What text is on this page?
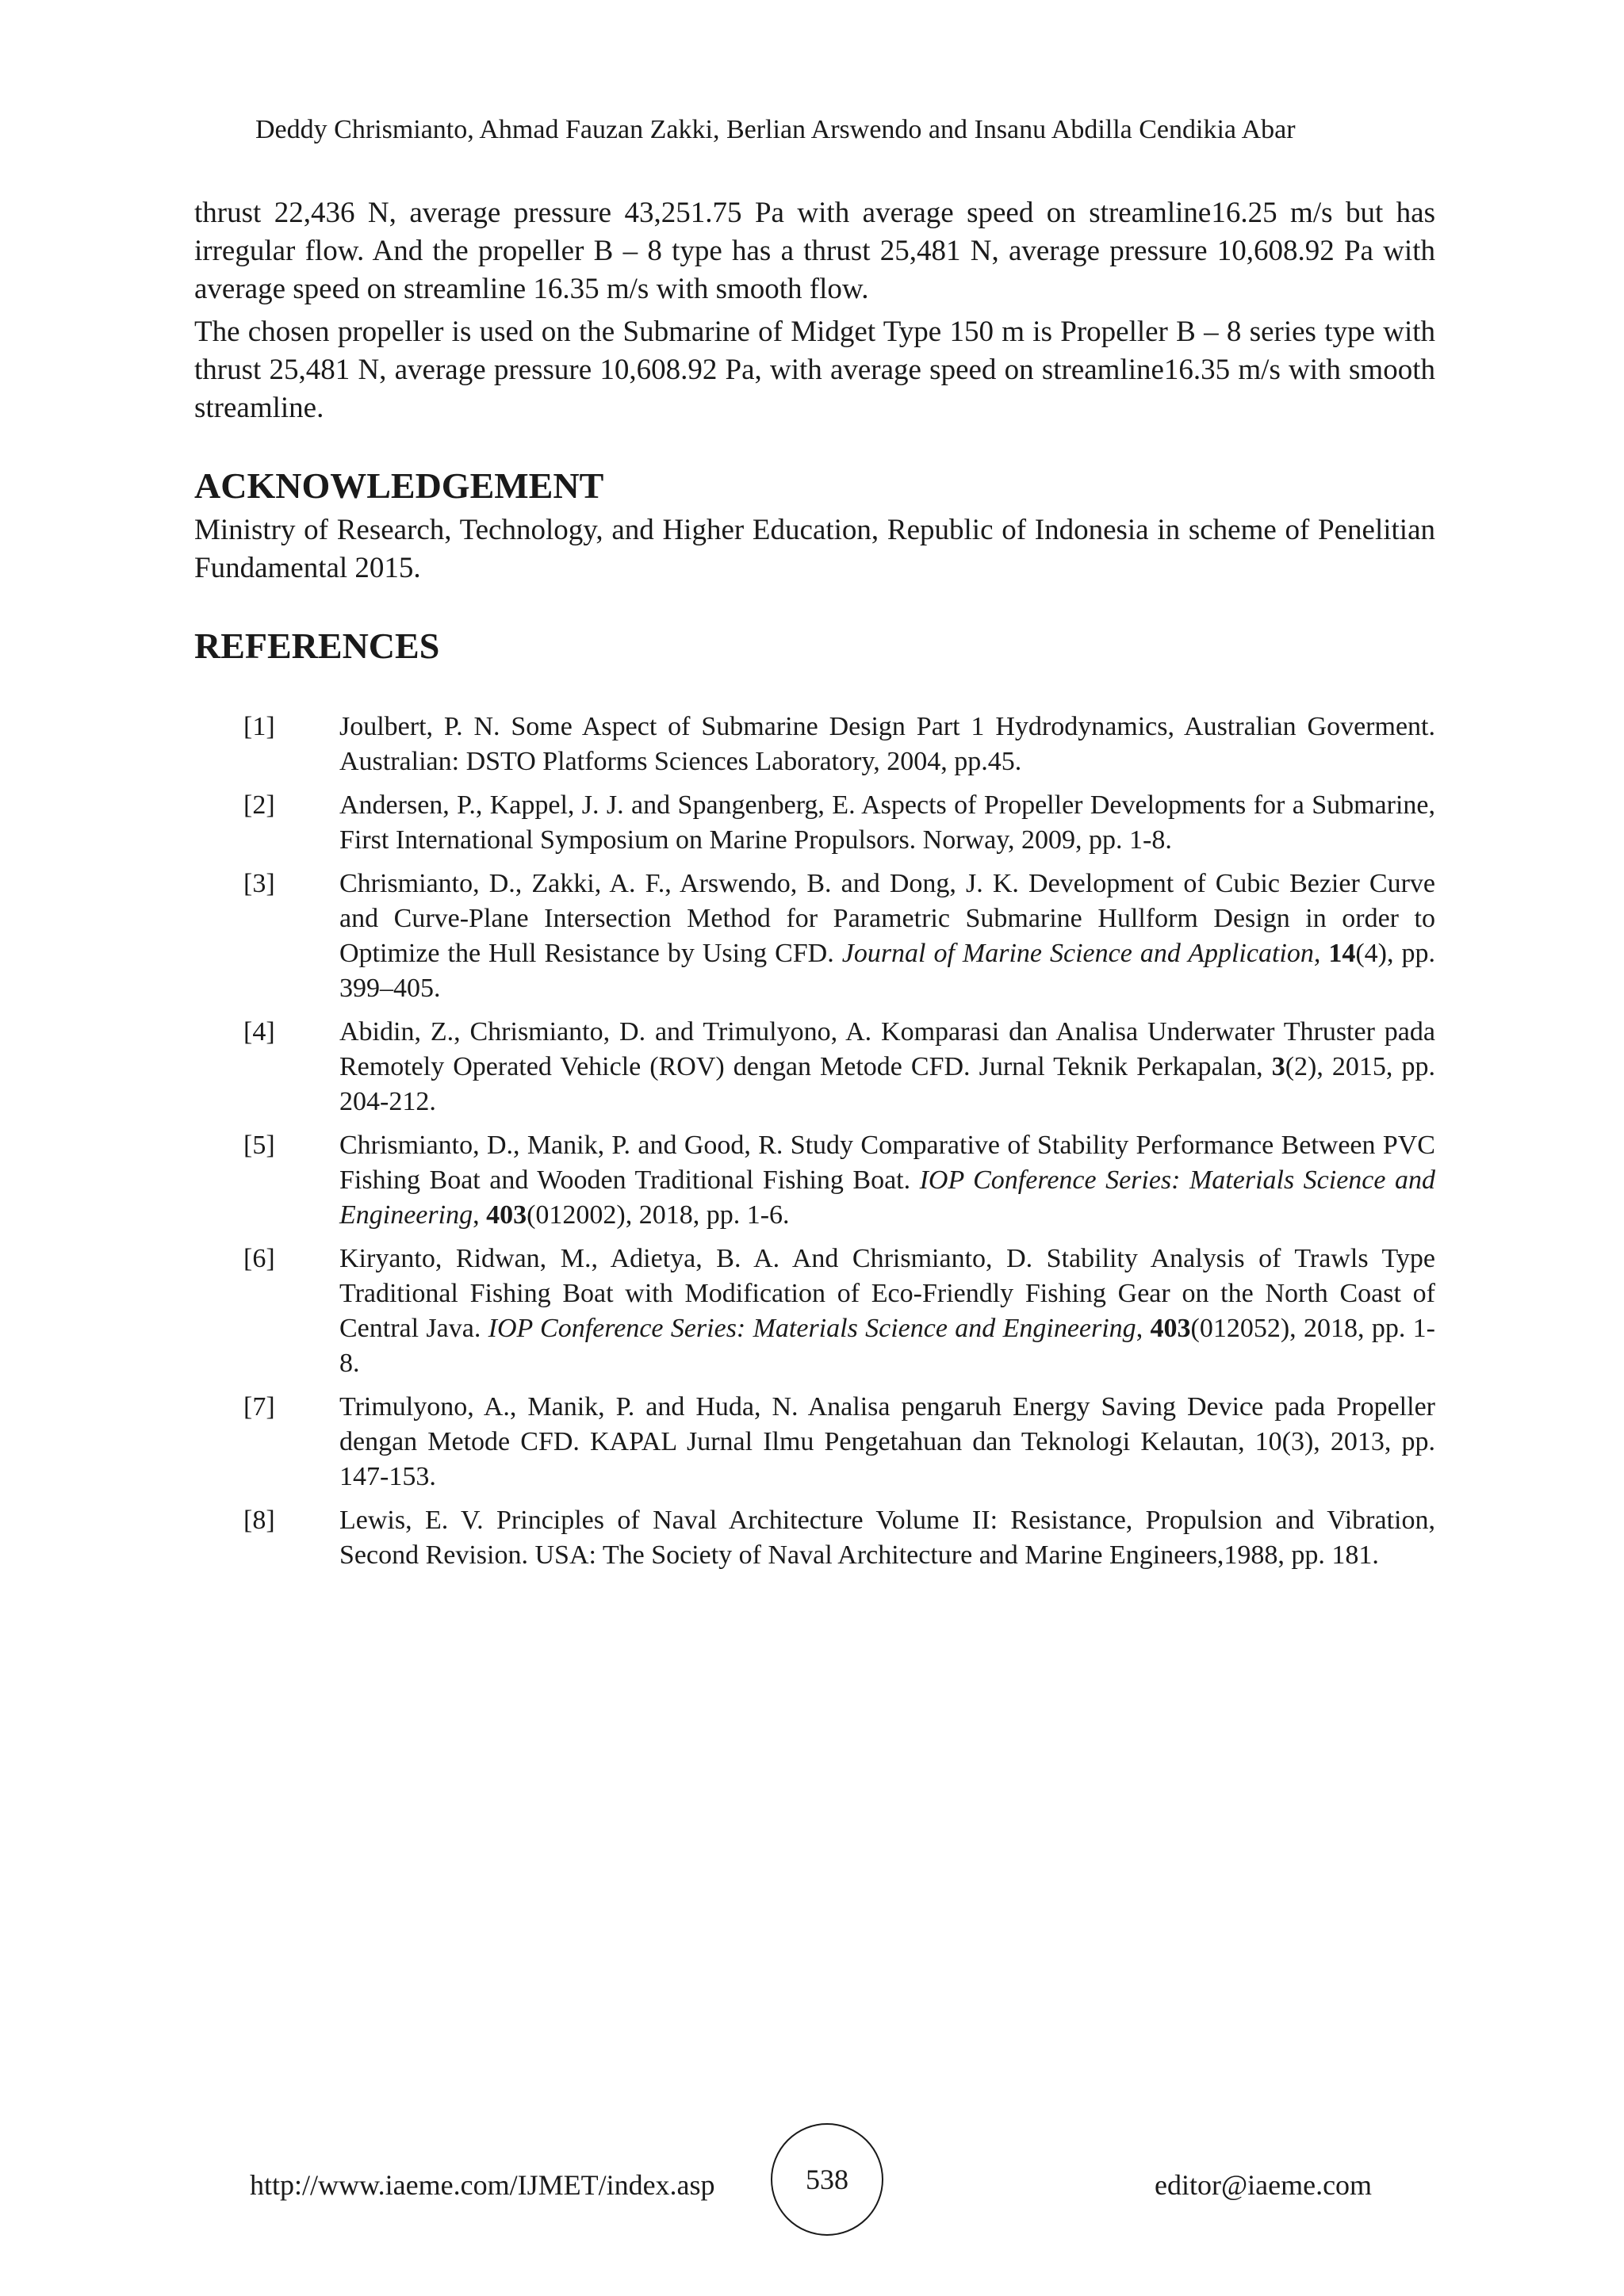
Deddy Chrismianto, Ahmad Fauzan Zakki, Berlian Arswendo and Insanu Abdilla Cendikia Abar

thrust 22,436 N, average pressure 43,251.75 Pa with average speed on streamline16.25 m/s but has irregular flow. And the propeller B – 8 type has a thrust 25,481 N, average pressure 10,608.92 Pa with average speed on streamline 16.35 m/s with smooth flow.

The chosen propeller is used on the Submarine of Midget Type 150 m is Propeller B – 8 series type with thrust 25,481 N, average pressure 10,608.92 Pa, with average speed on streamline16.35 m/s with smooth streamline.

ACKNOWLEDGEMENT

Ministry of Research, Technology, and Higher Education, Republic of Indonesia in scheme of Penelitian Fundamental 2015.

REFERENCES
[1]	Joulbert, P. N. Some Aspect of Submarine Design Part 1 Hydrodynamics, Australian Goverment. Australian: DSTO Platforms Sciences Laboratory, 2004, pp.45.
[2]	Andersen, P., Kappel, J. J. and Spangenberg, E. Aspects of Propeller Developments for a Submarine, First International Symposium on Marine Propulsors. Norway, 2009, pp. 1-8.
[3]	Chrismianto, D., Zakki, A. F., Arswendo, B. and Dong, J. K. Development of Cubic Bezier Curve and Curve-Plane Intersection Method for Parametric Submarine Hullform Design in order to Optimize the Hull Resistance by Using CFD. Journal of Marine Science and Application, 14(4), pp. 399–405.
[4]	Abidin, Z., Chrismianto, D. and Trimulyono, A. Komparasi dan Analisa Underwater Thruster pada Remotely Operated Vehicle (ROV) dengan Metode CFD. Jurnal Teknik Perkapalan, 3(2), 2015, pp. 204-212.
[5]	Chrismianto, D., Manik, P. and Good, R. Study Comparative of Stability Performance Between PVC Fishing Boat and Wooden Traditional Fishing Boat. IOP Conference Series: Materials Science and Engineering, 403(012002), 2018, pp. 1-6.
[6]	Kiryanto, Ridwan, M., Adietya, B. A. And Chrismianto, D. Stability Analysis of Trawls Type Traditional Fishing Boat with Modification of Eco-Friendly Fishing Gear on the North Coast of Central Java. IOP Conference Series: Materials Science and Engineering, 403(012052), 2018, pp. 1-8.
[7]	Trimulyono, A., Manik, P. and Huda, N. Analisa pengaruh Energy Saving Device pada Propeller dengan Metode CFD. KAPAL Jurnal Ilmu Pengetahuan dan Teknologi Kelautan, 10(3), 2013, pp. 147-153.
[8]	Lewis, E. V. Principles of Naval Architecture Volume II: Resistance, Propulsion and Vibration, Second Revision. USA: The Society of Naval Architecture and Marine Engineers,1988, pp. 181.
http://www.iaeme.com/IJMET/index.asp	538	editor@iaeme.com
